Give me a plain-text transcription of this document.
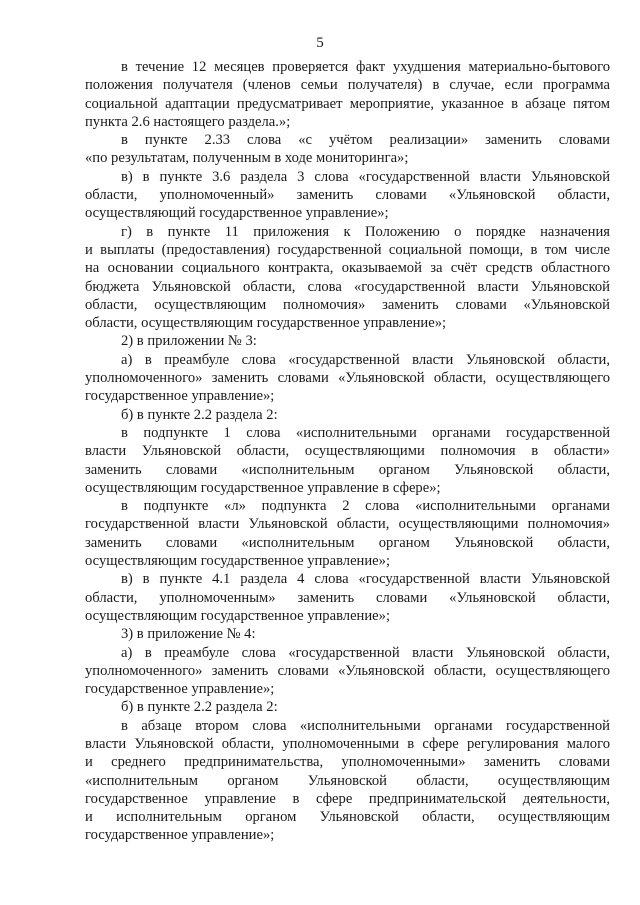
5
в течение 12 месяцев проверяется факт ухудшения материально-бытового
положения получателя (членов семьи получателя) в случае, если программа
социальной адаптации предусматривает мероприятие, указанное в абзаце пятом
пункта 2.6 настоящего раздела.»;
в пункте 2.33 слова «с учётом реализации» заменить словами
«по результатам, полученным в ходе мониторинга»;
в) в пункте 3.6 раздела 3 слова «государственной власти Ульяновской
области, уполномоченный» заменить словами «Ульяновской области,
осуществляющий государственное управление»;
г) в пункте 11 приложения к Положению о порядке назначения
и выплаты (предоставления) государственной социальной помощи, в том числе
на основании социального контракта, оказываемой за счёт средств областного
бюджета Ульяновской области, слова «государственной власти Ульяновской
области, осуществляющим полномочия» заменить словами «Ульяновской
области, осуществляющим государственное управление»;
2) в приложении № 3:
а) в преамбуле слова «государственной власти Ульяновской области,
уполномоченного» заменить словами «Ульяновской области, осуществляющего
государственное управление»;
б) в пункте 2.2 раздела 2:
в подпункте 1 слова «исполнительными органами государственной
власти Ульяновской области, осуществляющими полномочия в области»
заменить словами «исполнительным органом Ульяновской области,
осуществляющим государственное управление в сфере»;
в подпункте «л» подпункта 2 слова «исполнительными органами
государственной власти Ульяновской области, осуществляющими полномочия»
заменить словами «исполнительным органом Ульяновской области,
осуществляющим государственное управление»;
в) в пункте 4.1 раздела 4 слова «государственной власти Ульяновской
области, уполномоченным» заменить словами «Ульяновской области,
осуществляющим государственное управление»;
3) в приложение № 4:
а) в преамбуле слова «государственной власти Ульяновской области,
уполномоченного» заменить словами «Ульяновской области, осуществляющего
государственное управление»;
б) в пункте 2.2 раздела 2:
в абзаце втором слова «исполнительными органами государственной
власти Ульяновской области, уполномоченными в сфере регулирования малого
и среднего предпринимательства, уполномоченными» заменить словами
«исполнительным органом Ульяновской области, осуществляющим
государственное управление в сфере предпринимательской деятельности,
и исполнительным органом Ульяновской области, осуществляющим
государственное управление»;
